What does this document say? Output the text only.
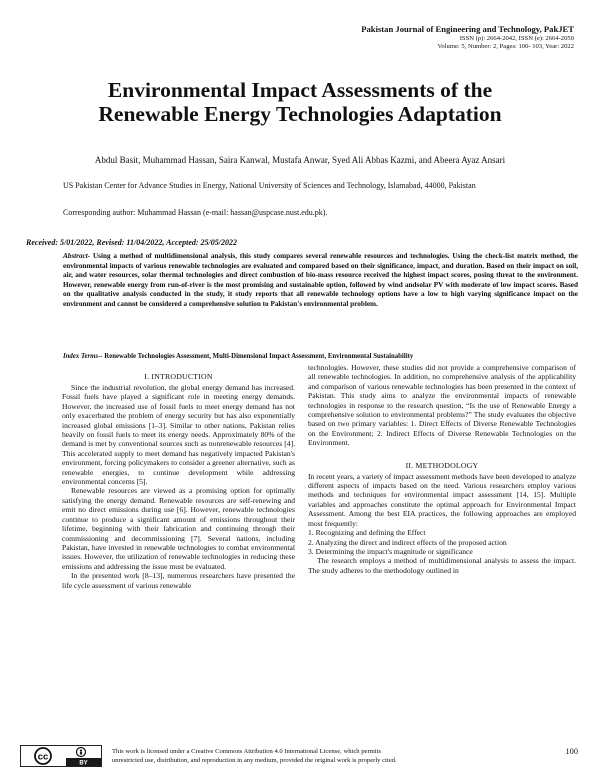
Pakistan Journal of Engineering and Technology, PakJET
ISSN (p): 2664-2042, ISSN (e): 2664-2050
Volume: 5, Number: 2, Pages: 100- 103, Year: 2022
Environmental Impact Assessments of the
Renewable Energy Technologies Adaptation
Abdul Basit, Muhammad Hassan, Saira Kanwal, Mustafa Anwar, Syed Ali Abbas Kazmi, and Abeera Ayaz Ansari
US Pakistan Center for Advance Studies in Energy, National University of Sciences and Technology, Islamabad, 44000, Pakistan
Corresponding author: Muhammad Hassan (e-mail: hassan@uspcase.nust.edu.pk).
Received: 5/01/2022, Revised: 11/04/2022, Accepted: 25/05/2022
Abstract- Using a method of multidimensional analysis, this study compares several renewable resources and technologies. Using the check-list matrix method, the environmental impacts of various renewable technologies are evaluated and compared based on their significance, impact, and duration. Based on their impact on soil, air, and water resources, solar thermal technologies and direct combustion of bio-mass resource received the highest impact scores, posing threat to the environment. However, renewable energy from run-of-river is the most promising and sustainable option, followed by wind andsolar PV with moderate of low impact scores. Based on the qualitative analysis conducted in the study, it study reports that all renewable technology options have a low to high varying significance impact on the environment and cannot be considered a comprehensive solution to Pakistan's environmental problem.
Index Terms-- Renewable Technologies Assessment, Multi-Dimensional Impact Assessment, Environmental Sustainability
I. INTRODUCTION

Since the industrial revolution, the global energy demand has increased. Fossil fuels have played a significant role in meeting energy demands. However, the increased use of fossil fuels to meet energy demand has not only exacerbated the problem of energy security but has also exponentially increased global emissions [1–3]. Similar to other nations, Pakistan relies heavily on fossil fuels to meet its energy needs. Approximately 80% of the demand is met by conventional sources such as nonrenewable resources [4]. This accelerated supply to meet demand has negatively impacted Pakistan's environment, forcing policymakers to consider a greener alternative, such as renewable energies, to continue development while addressing environmental concerns [5].

Renewable resources are viewed as a promising option for optimally satisfying the energy demand. Renewable resources are self-renewing and emit no direct emissions during use [6]. However, renewable technologies continue to produce a significant amount of emissions throughout their lifetime, beginning with their fabrication and continuing through their commissioning and decommissioning [7]. Several nations, including Pakistan, have invested in renewable technologies to combat environmental issues. However, the utilization of renewable technologies in reducing these emissions and addressing the issue must be evaluated.

In the presented work [8–13], numerous researchers have presented the life cycle assessment of various renewable

technologies. However, these studies did not provide a comprehensive comparison of all renewable technologies. In addition, no comprehensive analysis of the applicability and comparison of various renewable technologies has been presented in the context of Pakistan. This study aims to analyze the environmental impacts of renewable technologies in response to the research question, “Is the use of Renewable Energy a comprehensive solution to environmental problems?” The study evaluates the objective based on two primary variables: 1. Direct Effects of Diverse Renewable Technologies on the Environment; 2. Indirect Effects of Diverse Renewable Technologies on the Environment.

II. METHODOLOGY

In recent years, a variety of impact assessment methods have been developed to analyze different aspects of impacts based on the need. Various researchers employ various methods and techniques for environmental impact assessment [14, 15]. Multiple variables and approaches constitute the optimal approach for Environmental Impact Assessment. Among the best EIA practices, the following approaches are employed most frequently:

1. Recognizing and defining the Effect
2. Analyzing the direct and indirect effects of the proposed action
3. Determining the impact's magnitude or significance

The research employs a method of multidimensional analysis to assess the impact. The study adheres to the methodology outlined in

cc
BY
This work is licensed under a Creative Commons Attribution 4.0 International License, which permits
unrestricted use, distribution, and reproduction in any medium, provided the original work is properly cited.
100
